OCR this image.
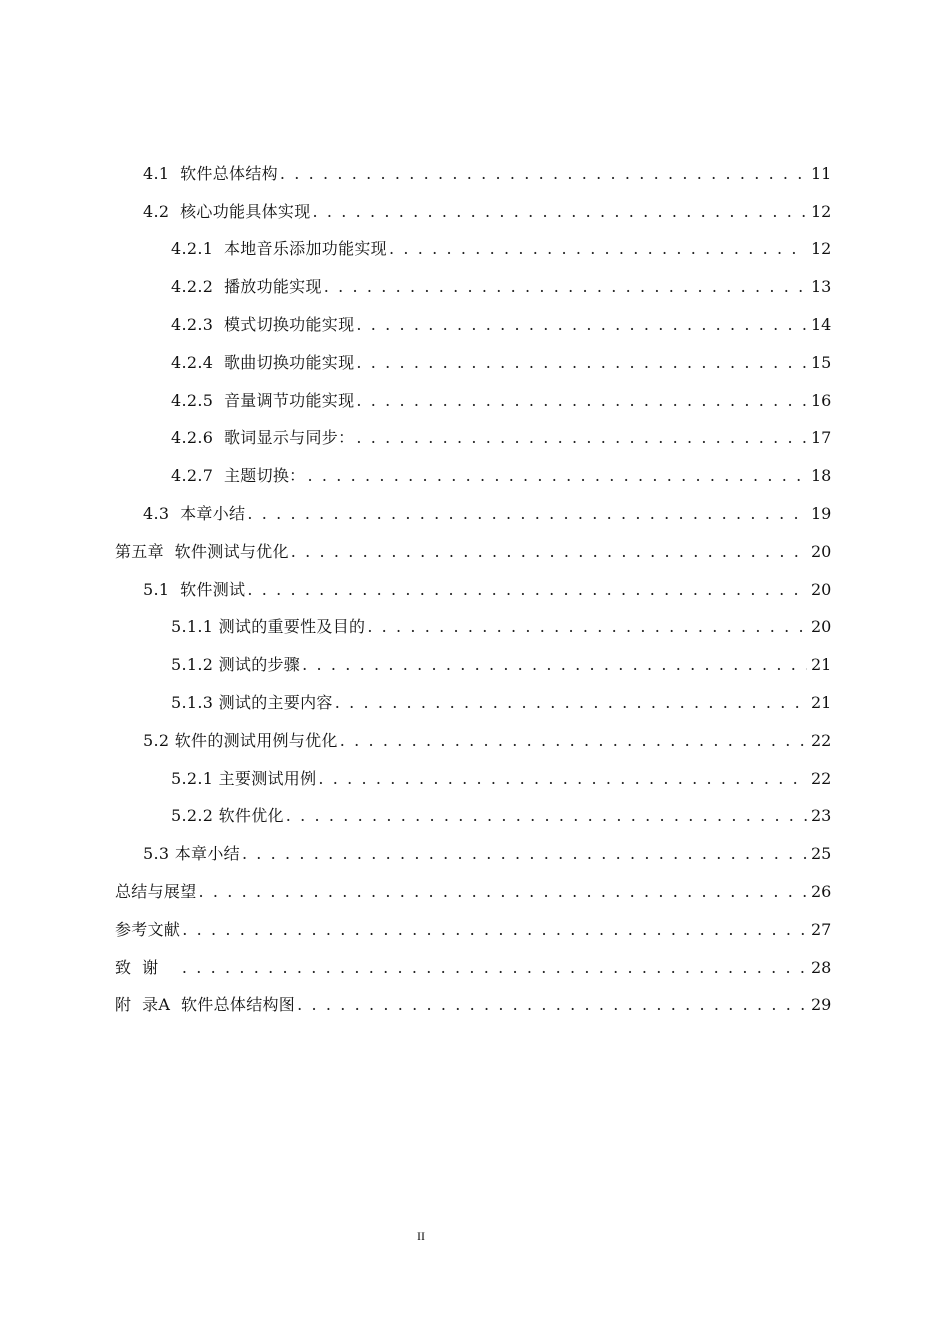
4.1  软件总体结构 . . .	11
4.2  核心功能具体实现 . . .	12
4.2.1  本地音乐添加功能实现 . . .	12
4.2.2  播放功能实现 . . .	13
4.2.3  模式切换功能实现 . . .	14
4.2.4  歌曲切换功能实现 . . .	15
4.2.5  音量调节功能实现 . . .	16
4.2.6  歌词显示与同步： . . .	17
4.2.7  主题切换： . . .	18
4.3  本章小结 . . .	19
第五章  软件测试与优化 . . .	20
5.1  软件测试 . . .	20
5.1.1 测试的重要性及目的 . . .	20
5.1.2 测试的步骤 . . .	21
5.1.3 测试的主要内容 . . .	21
5.2 软件的测试用例与优化 . . .	22
5.2.1 主要测试用例 . . .	22
5.2.2 软件优化 . . .	23
5.3 本章小结 . . .	25
总结与展望 . . .	26
参考文献 . . .	27
致  谢 . . .	28
附  录A  软件总体结构图 . . .	29
II
